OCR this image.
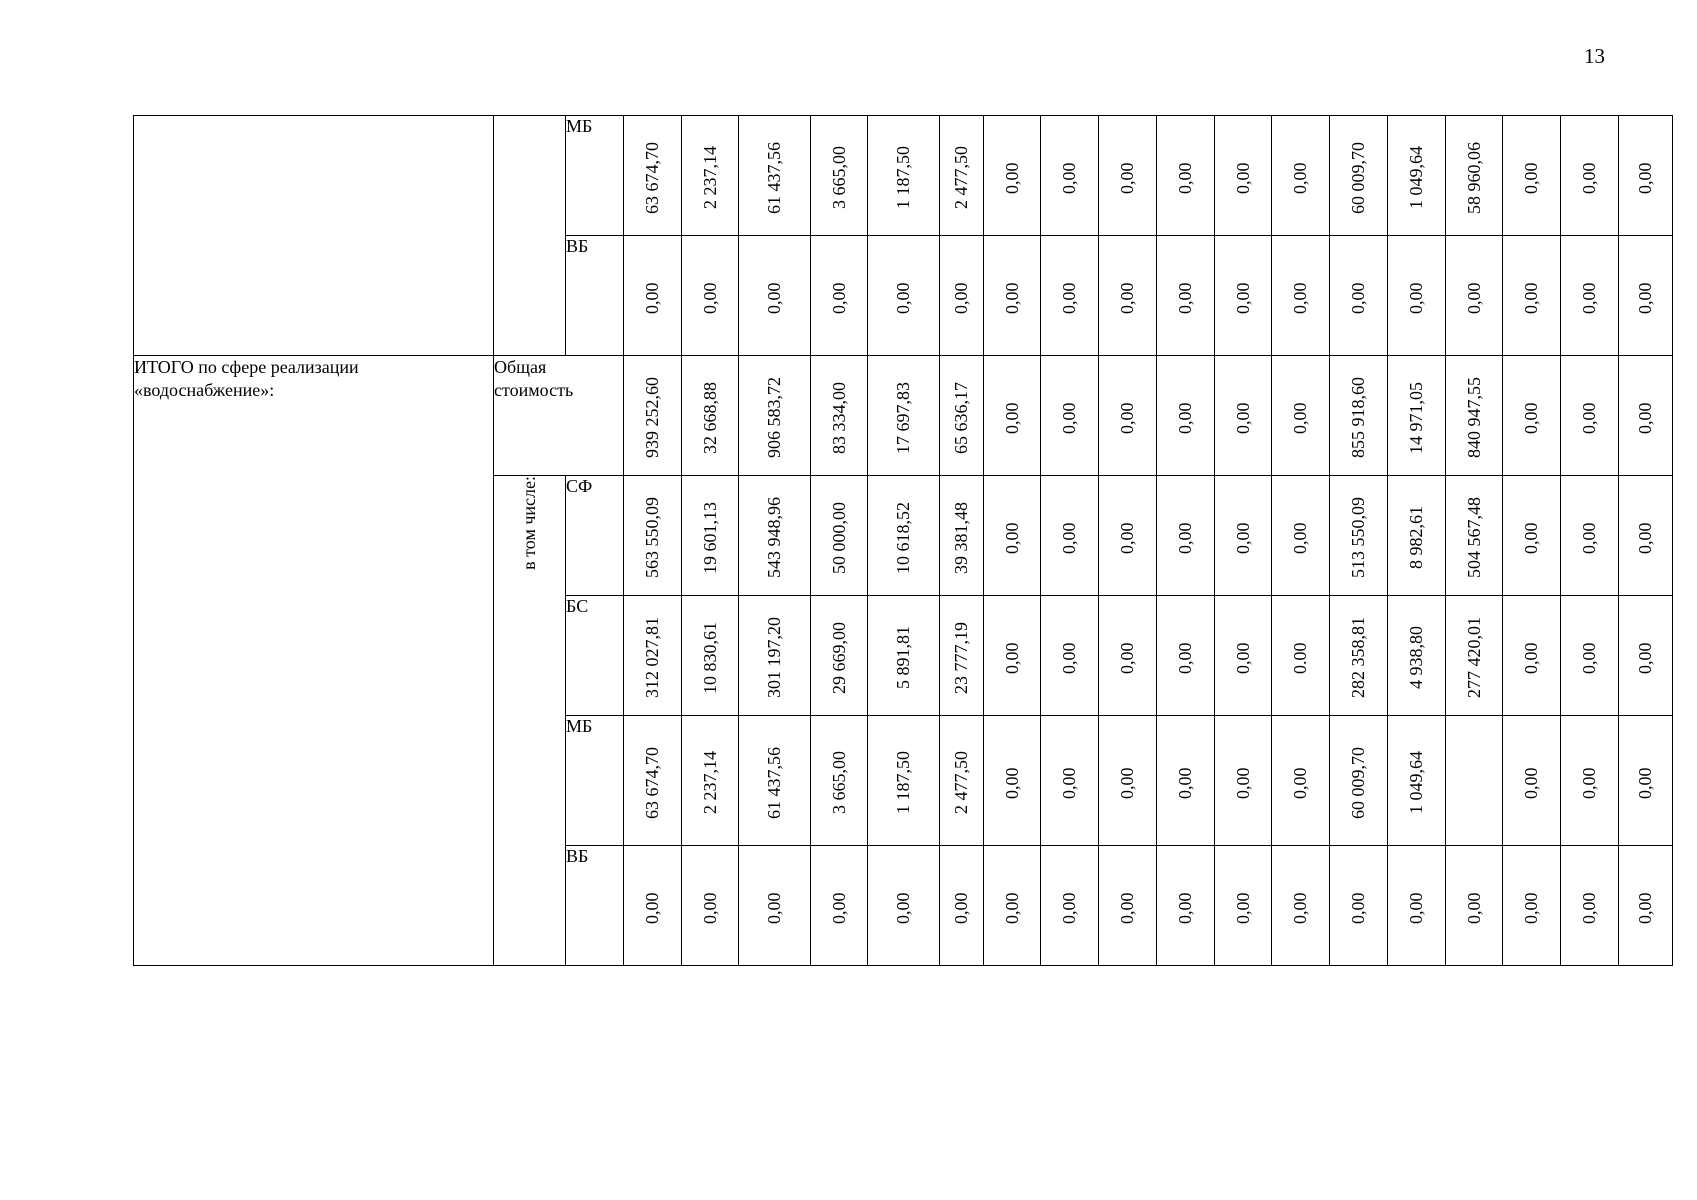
13
		МБ	63 674,70	2 237,14	61 437,56	3 665,00	1 187,50	2 477,50	0,00	0,00	0,00	0,00	0,00	0,00	60 009,70	1 049,64	58 960,06	0,00	0,00	0,00
		ВБ	0,00	0,00	0,00	0,00	0,00	0,00	0,00	0,00	0,00	0,00	0,00	0,00	0,00	0,00	0,00	0,00	0,00	0,00
ИТОГО по сфере реализации «водоснабжение»:	Общая стоимость		939 252,60	32 668,88	906 583,72	83 334,00	17 697,83	65 636,17	0,00	0,00	0,00	0,00	0,00	0,00	855 918,60	14 971,05	840 947,55	0,00	0,00	0,00
	в том числе:	СФ	563 550,09	19 601,13	543 948,96	50 000,00	10 618,52	39 381,48	0,00	0,00	0,00	0,00	0,00	0,00	513 550,09	8 982,61	504 567,48	0,00	0,00	0,00
		БС	312 027,81	10 830,61	301 197,20	29 669,00	5 891,81	23 777,19	0,00	0,00	0,00	0,00	0,00	0.00	282 358,81	4 938,80	277 420,01	0,00	0,00	0,00
		МБ	63 674,70	2 237,14	61 437,56	3 665,00	1 187,50	2 477,50	0,00	0,00	0,00	0,00	0,00	0,00	60 009,70	1 049,64		0,00	0,00	0,00
		ВБ	0,00	0,00	0,00	0,00	0,00	0,00	0,00	0,00	0,00	0,00	0,00	0,00	0,00	0,00	0,00	0,00	0,00	0,00
